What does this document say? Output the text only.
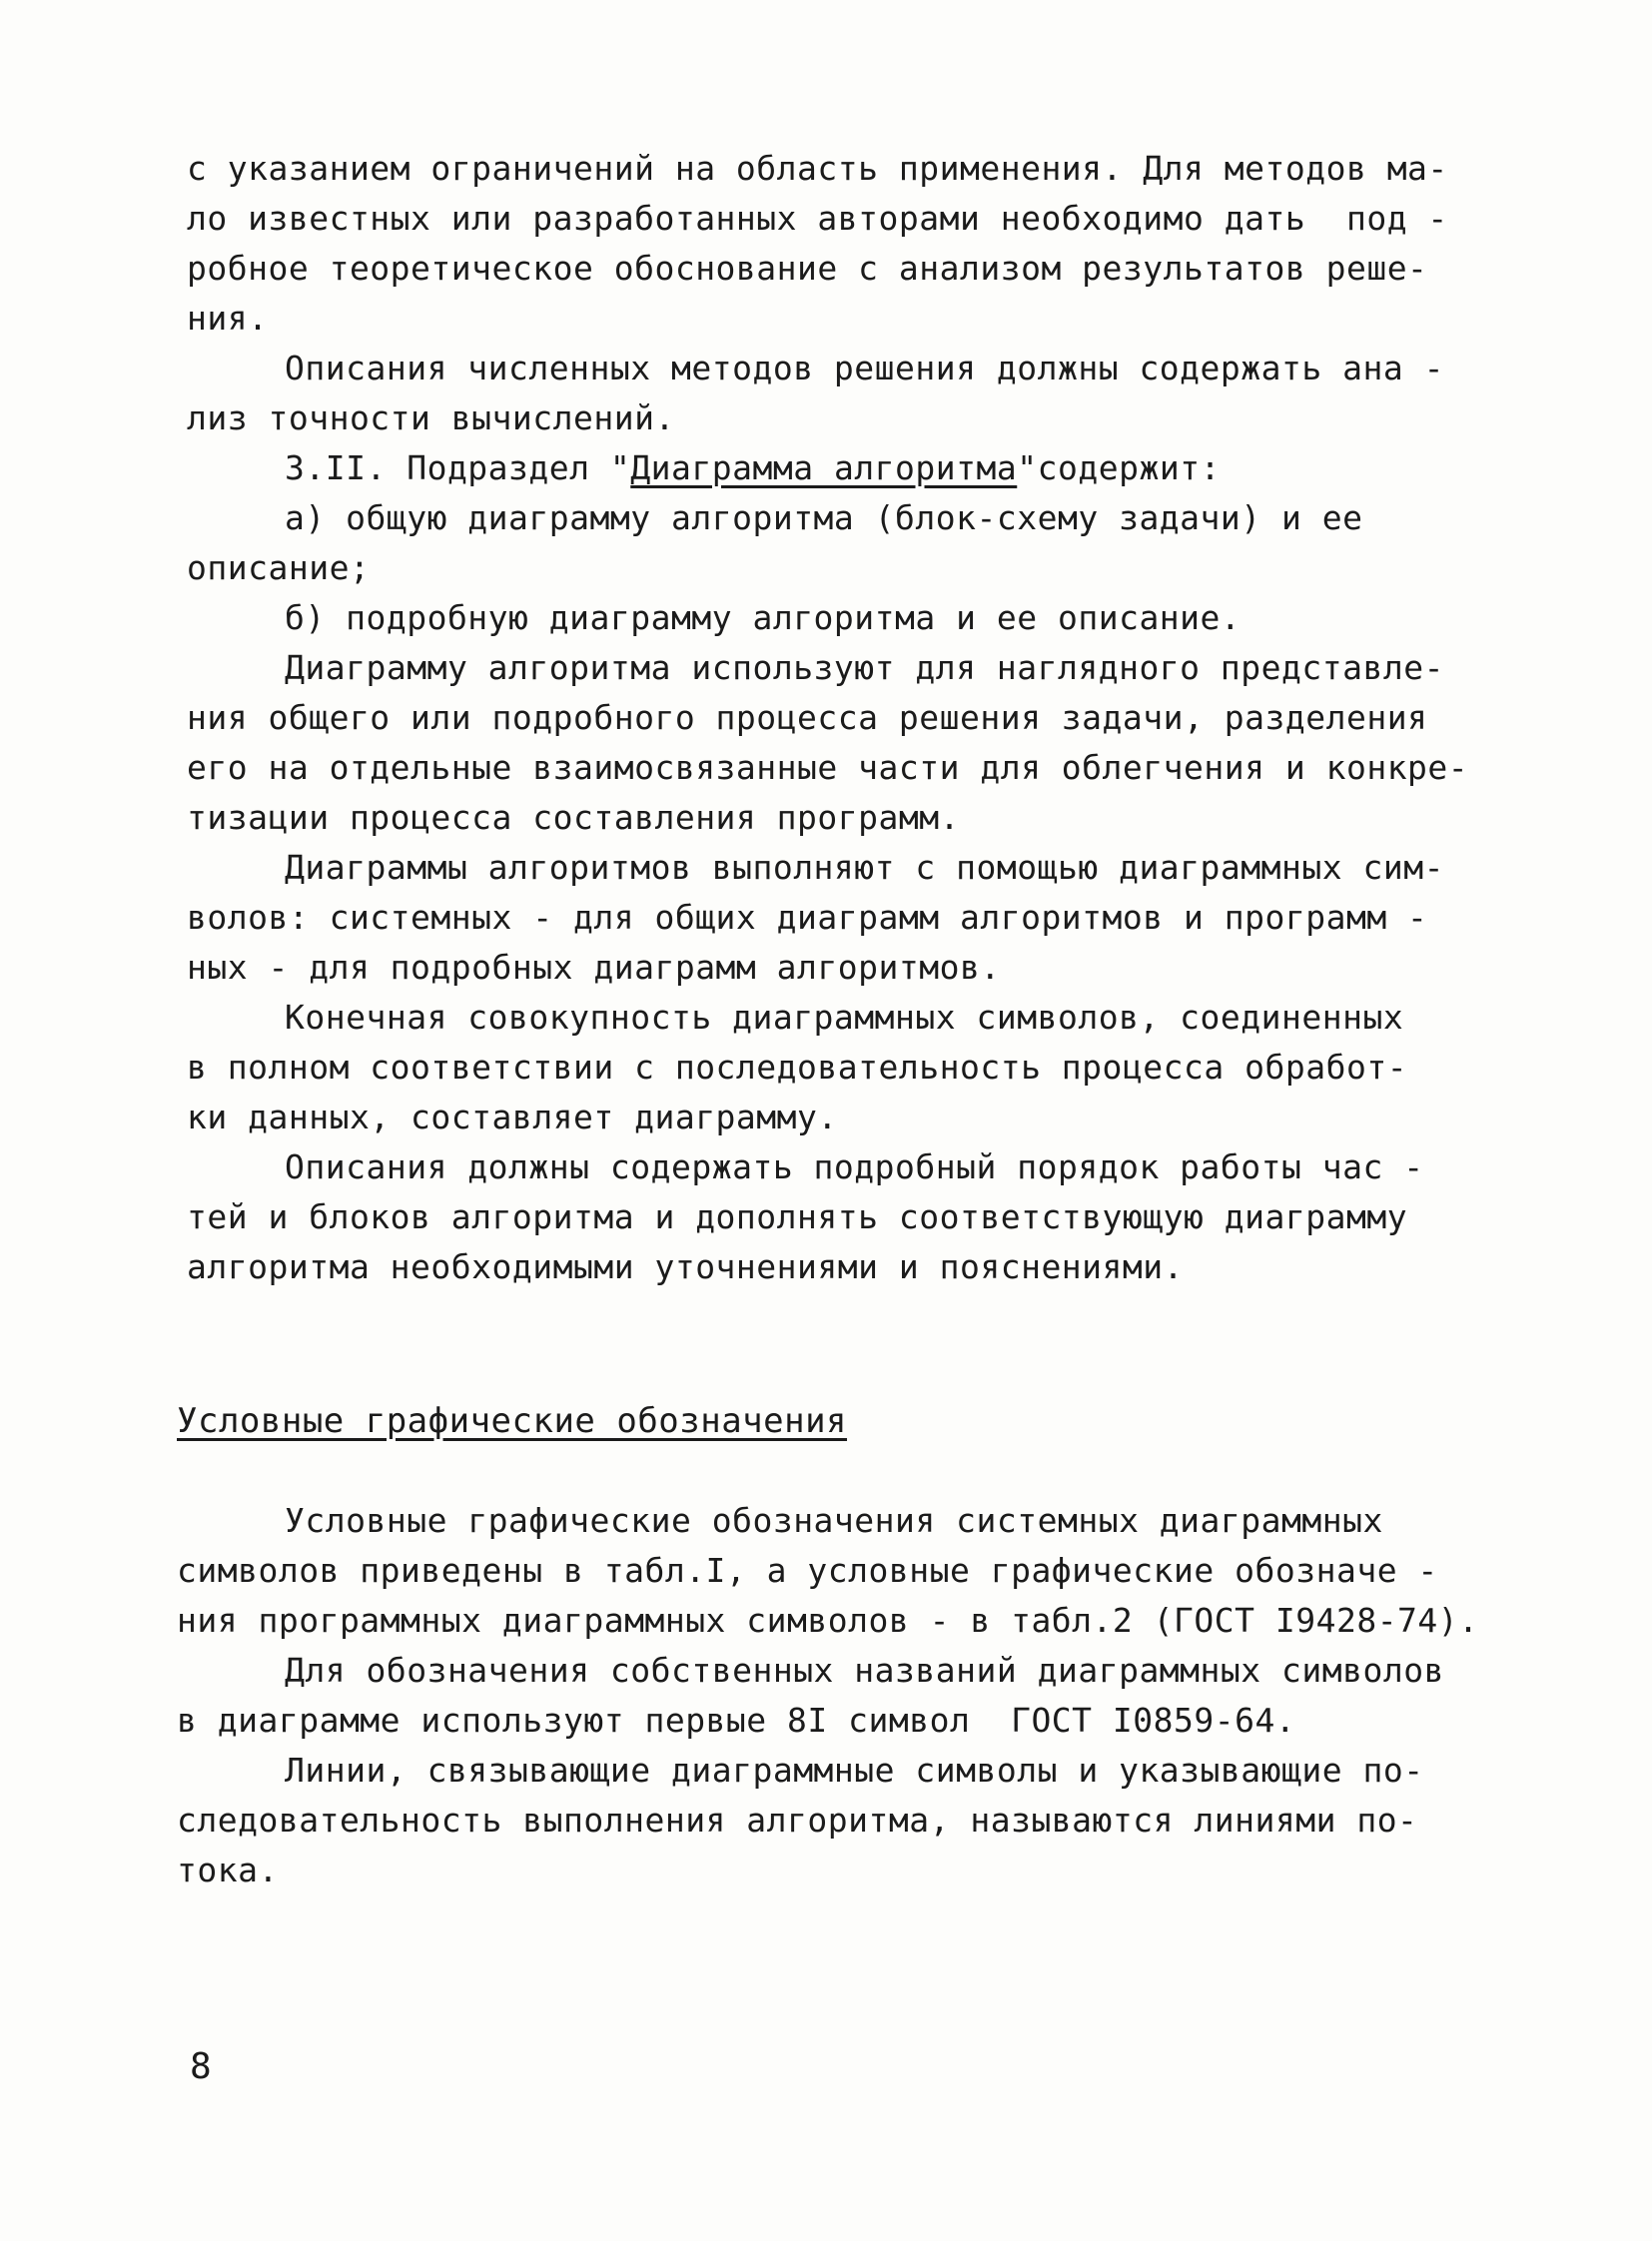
с указанием ограничений на область применения. Для методов ма-
ло известных или разработанных авторами необходимо дать  под -
робное теоретическое обоснование с анализом результатов реше-
ния.
Описания численных методов решения должны содержать ана -
лиз точности вычислений.
3.II. Подраздел "Диаграмма алгоритма"содержит:
а) общую диаграмму алгоритма (блок-схему задачи) и ее
описание;
б) подробную диаграмму алгоритма и ее описание.
Диаграмму алгоритма используют для наглядного представле-
ния общего или подробного процесса решения задачи, разделения
его на отдельные взаимосвязанные части для облегчения и конкре-
тизации процесса составления программ.
Диаграммы алгоритмов выполняют с помощью диаграммных сим-
волов: системных - для общих диаграмм алгоритмов и программ -
ных - для подробных диаграмм алгоритмов.
Конечная совокупность диаграммных символов, соединенных
в полном соответствии с последовательность процесса обработ-
ки данных, составляет диаграмму.
Описания должны содержать подробный порядок работы час -
тей и блоков алгоритма и дополнять соответствующую диаграмму
алгоритма необходимыми уточнениями и пояснениями.
Условные графические обозначения
Условные графические обозначения системных диаграммных
символов приведены в табл.I, а условные графические обозначе -
ния программных диаграммных символов - в табл.2 (ГОСТ I9428-74).
Для обозначения собственных названий диаграммных символов
в диаграмме используют первые 8I символ  ГОСТ I0859-64.
Линии, связывающие диаграммные символы и указывающие по-
следовательность выполнения алгоритма, называются линиями по-
тока.
8
